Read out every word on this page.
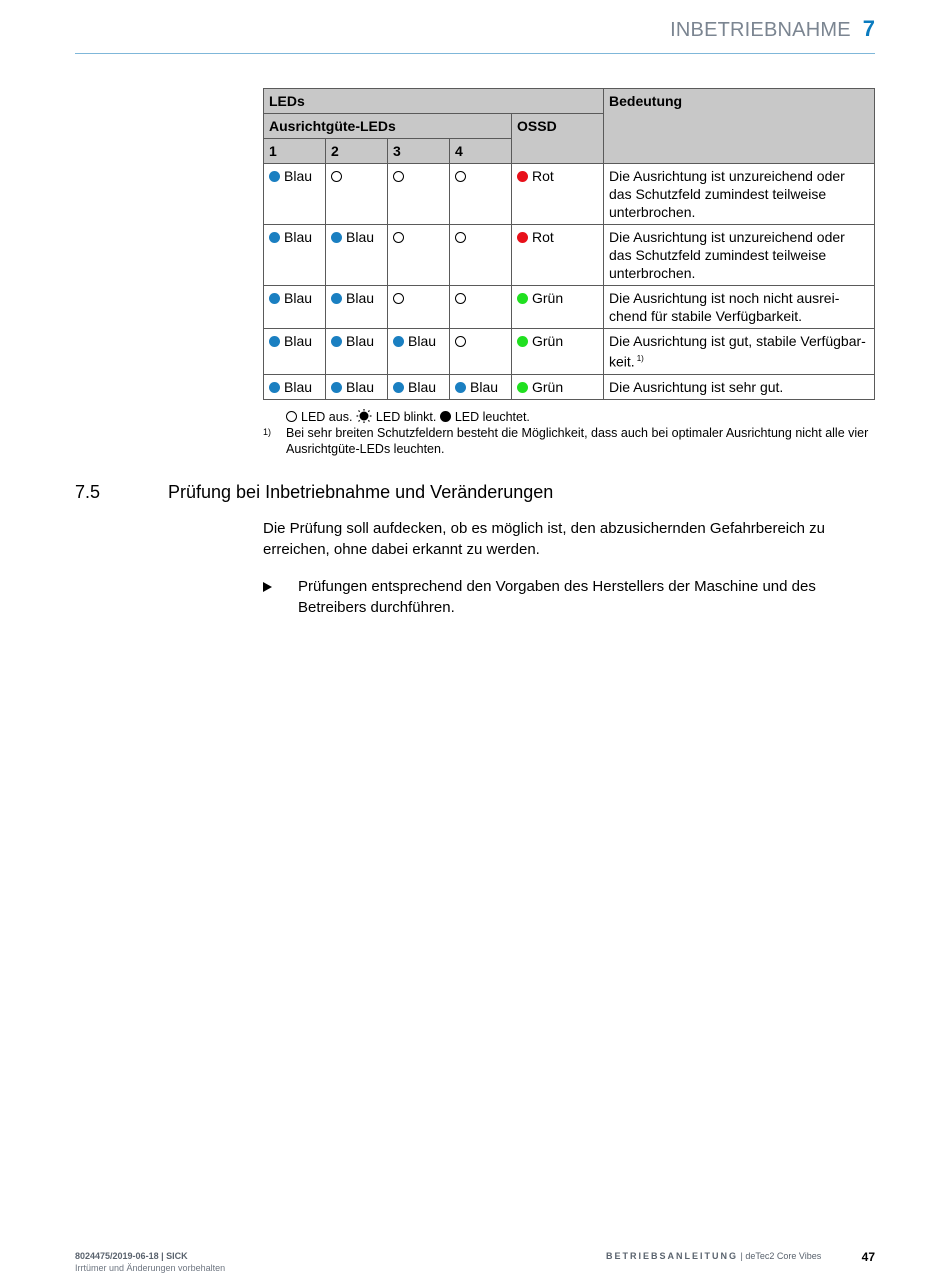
INBETRIEBNAHME 7
LEDs					Bedeutung
Ausrichtgüte-LEDs				OSSD	
1	2	3	4		
Blau				Rot	Die Ausrichtung ist unzureichend oder das Schutzfeld zumindest teilweise unterbrochen.
Blau	Blau			Rot	Die Ausrichtung ist unzureichend oder das Schutzfeld zumindest teilweise unterbrochen.
Blau	Blau			Grün	Die Ausrichtung ist noch nicht ausreichend für stabile Verfügbarkeit.
Blau	Blau	Blau		Grün	Die Ausrichtung ist gut, stabile Verfügbarkeit. $^{1)}$
Blau	Blau	Blau	Blau	Grün	Die Ausrichtung ist sehr gut.
LED aus. LED blinkt. LED leuchtet.
1)	Bei sehr breiten Schutzfeldern besteht die Möglichkeit, dass auch bei optimaler Ausrichtung nicht alle vier Ausrichtgüte-LEDs leuchten.
7.5	Prüfung bei Inbetriebnahme und Veränderungen
Die Prüfung soll aufdecken, ob es möglich ist, den abzusichernden Gefahrbereich zu erreichen, ohne dabei erkannt zu werden.
Prüfungen entsprechend den Vorgaben des Herstellers der Maschine und des Betreibers durchführen.
8024475/2019-06-18 | SICK
Irrtümer und Änderungen vorbehalten
BETRIEBSANLEITUNG | deTec2 Core Vibes	47
